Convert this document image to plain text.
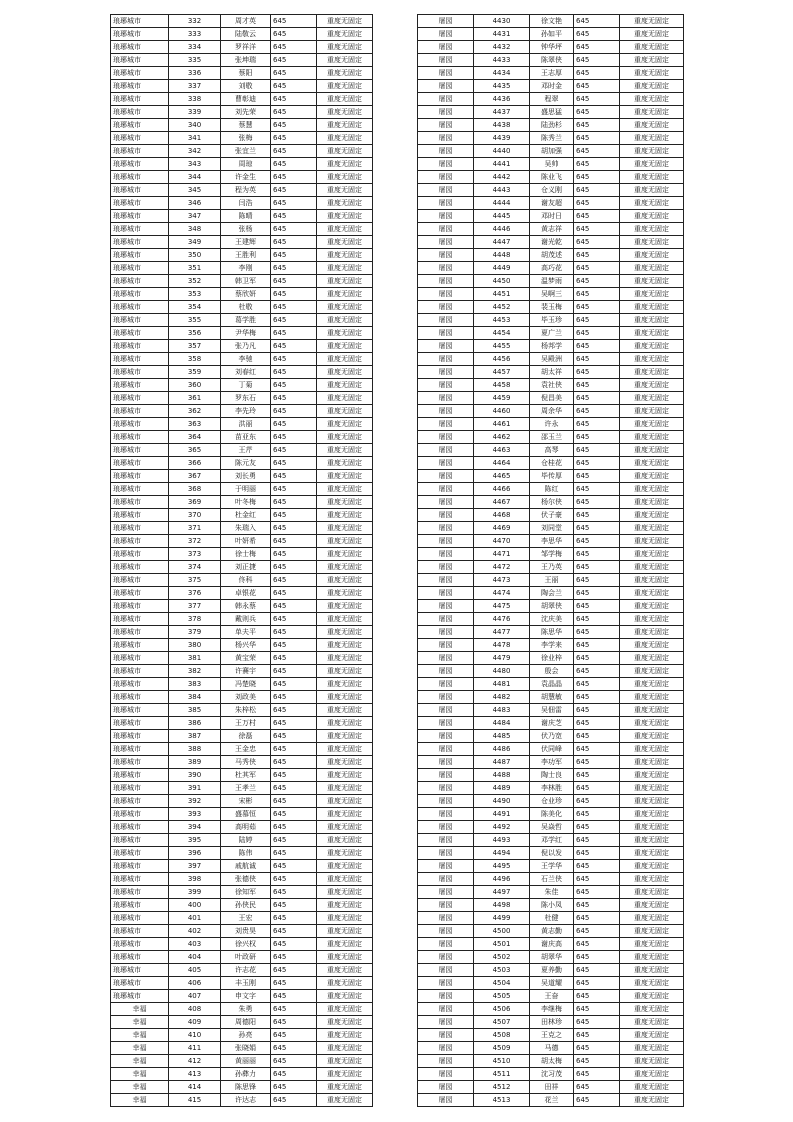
琅琊城市	332	周才英	645	重度无固定
琅琊城市	333	陆敬云	645	重度无固定
琅琊城市	334	罗祥洋	645	重度无固定
琅琊城市	335	张坤瑞	645	重度无固定
琅琊城市	336	蔡阳	645	重度无固定
琅琊城市	337	刘敬	645	重度无固定
琅琊城市	338	曹彰迪	645	重度无固定
琅琊城市	339	刘先荣	645	重度无固定
琅琊城市	340	蔡慧	645	重度无固定
琅琊城市	341	张梅	645	重度无固定
琅琊城市	342	张宜兰	645	重度无固定
琅琊城市	343	周琼	645	重度无固定
琅琊城市	344	许金生	645	重度无固定
琅琊城市	345	程为英	645	重度无固定
琅琊城市	346	闫浩	645	重度无固定
琅琊城市	347	陈晴	645	重度无固定
琅琊城市	348	张杨	645	重度无固定
琅琊城市	349	王建辉	645	重度无固定
琅琊城市	350	王胜利	645	重度无固定
琅琊城市	351	李刚	645	重度无固定
琅琊城市	352	韩卫军	645	重度无固定
琅琊城市	353	蔡欣妍	645	重度无固定
琅琊城市	354	杜敬	645	重度无固定
琅琊城市	355	葛学胜	645	重度无固定
琅琊城市	356	尹华梅	645	重度无固定
琅琊城市	357	张乃凡	645	重度无固定
琅琊城市	358	李驰	645	重度无固定
琅琊城市	359	刘春红	645	重度无固定
琅琊城市	360	丁菊	645	重度无固定
琅琊城市	361	罗东石	645	重度无固定
琅琊城市	362	李先玲	645	重度无固定
琅琊城市	363	洪丽	645	重度无固定
琅琊城市	364	苗亚东	645	重度无固定
琅琊城市	365	王芹	645	重度无固定
琅琊城市	366	陈元友	645	重度无固定
琅琊城市	367	刘长勇	645	重度无固定
琅琊城市	368	于明丽	645	重度无固定
琅琊城市	369	叶冬梅	645	重度无固定
琅琊城市	370	杜金红	645	重度无固定
琅琊城市	371	朱瑞入	645	重度无固定
琅琊城市	372	叶妍希	645	重度无固定
琅琊城市	373	徐士梅	645	重度无固定
琅琊城市	374	刘正捷	645	重度无固定
琅琊城市	375	佟科	645	重度无固定
琅琊城市	376	卓银花	645	重度无固定
琅琊城市	377	韩永蔡	645	重度无固定
琅琊城市	378	戴则兵	645	重度无固定
琅琊城市	379	单夫平	645	重度无固定
琅琊城市	380	杨兴华	645	重度无固定
琅琊城市	381	黄宝荣	645	重度无固定
琅琊城市	382	许賽宇	645	重度无固定
琅琊城市	383	冯楚晓	645	重度无固定
琅琊城市	384	刘政美	645	重度无固定
琅琊城市	385	朱梓松	645	重度无固定
琅琊城市	386	王万村	645	重度无固定
琅琊城市	387	徐磊	645	重度无固定
琅琊城市	388	王金忠	645	重度无固定
琅琊城市	389	马秀侠	645	重度无固定
琅琊城市	390	杜其军	645	重度无固定
琅琊城市	391	王孝兰	645	重度无固定
琅琊城市	392	宋彬	645	重度无固定
琅琊城市	393	盛慕恒	645	重度无固定
琅琊城市	394	高明茹	645	重度无固定
琅琊城市	395	陆婷	645	重度无固定
琅琊城市	396	陈伟	645	重度无固定
琅琊城市	397	戚航诚	645	重度无固定
琅琊城市	398	张德侠	645	重度无固定
琅琊城市	399	徐知军	645	重度无固定
琅琊城市	400	孙侠民	645	重度无固定
琅琊城市	401	王宏	645	重度无固定
琅琊城市	402	刘贵昊	645	重度无固定
琅琊城市	403	徐兴权	645	重度无固定
琅琊城市	404	叶政研	645	重度无固定
琅琊城市	405	许志花	645	重度无固定
琅琊城市	406	丰玉刚	645	重度无固定
琅琊城市	407	申文字	645	重度无固定
幸福	408	朱勇	645	重度无固定
幸福	409	周德阳	645	重度无固定
幸福	410	孙亮	645	重度无固定
幸福	411	张晓娟	645	重度无固定
幸福	412	黄丽丽	645	重度无固定
幸福	413	孙彝力	645	重度无固定
幸福	414	陈思锋	645	重度无固定
幸福	415	许达志	645	重度无固定
屠园	4430	徐文艳	645	重度无固定
屠园	4431	孙如平	645	重度无固定
屠园	4432	钟华坪	645	重度无固定
屠园	4433	陈翠侠	645	重度无固定
屠园	4434	王志厚	645	重度无固定
屠园	4435	邓时金	645	重度无固定
屠园	4436	程翠	645	重度无固定
屠园	4437	盛思猛	645	重度无固定
屠园	4438	陆劲杉	645	重度无固定
屠园	4439	陈秀兰	645	重度无固定
屠园	4440	胡加强	645	重度无固定
屠园	4441	吴帅	645	重度无固定
屠园	4442	陈业飞	645	重度无固定
屠园	4443	仓义刚	645	重度无固定
屠园	4444	谢友超	645	重度无固定
屠园	4445	邓时日	645	重度无固定
屠园	4446	黄志祥	645	重度无固定
屠园	4447	谢光乾	645	重度无固定
屠园	4448	胡茂述	645	重度无固定
屠园	4449	高巧花	645	重度无固定
屠园	4450	温梦雨	645	重度无固定
屠园	4451	吴啊三	645	重度无固定
屠园	4452	裴玉梅	645	重度无固定
屠园	4453	毕玉珍	645	重度无固定
屠园	4454	夏广兰	645	重度无固定
屠园	4455	杨邦学	645	重度无固定
屠园	4456	吴殿洲	645	重度无固定
屠园	4457	胡太祥	645	重度无固定
屠园	4458	袁社侠	645	重度无固定
屠园	4459	倪昌美	645	重度无固定
屠园	4460	周余华	645	重度无固定
屠园	4461	许永	645	重度无固定
屠园	4462	邵玉兰	645	重度无固定
屠园	4463	高琴	645	重度无固定
屠园	4464	仓桂花	645	重度无固定
屠园	4465	毕传厚	645	重度无固定
屠园	4466	陈红	645	重度无固定
屠园	4467	杨尔侠	645	重度无固定
屠园	4468	伏子豪	645	重度无固定
屠园	4469	刘同堂	645	重度无固定
屠园	4470	李思华	645	重度无固定
屠园	4471	邹学梅	645	重度无固定
屠园	4472	王乃英	645	重度无固定
屠园	4473	王丽	645	重度无固定
屠园	4474	陶会兰	645	重度无固定
屠园	4475	胡翠侠	645	重度无固定
屠园	4476	沈庆美	645	重度无固定
屠园	4477	陈思华	645	重度无固定
屠园	4478	李学来	645	重度无固定
屠园	4479	徐业梓	645	重度无固定
屠园	4480	殷会	645	重度无固定
屠园	4481	袁晶晶	645	重度无固定
屠园	4482	胡慧敏	645	重度无固定
屠园	4483	吴佃雷	645	重度无固定
屠园	4484	谢庆芝	645	重度无固定
屠园	4485	伏乃宽	645	重度无固定
屠园	4486	伏同峰	645	重度无固定
屠园	4487	李功军	645	重度无固定
屠园	4488	陶士良	645	重度无固定
屠园	4489	李林胜	645	重度无固定
屠园	4490	仓业珍	645	重度无固定
屠园	4491	陈美化	645	重度无固定
屠园	4492	吴焱哲	645	重度无固定
屠园	4493	邓学红	645	重度无固定
屠园	4494	倪以发	645	重度无固定
屠园	4495	王学华	645	重度无固定
屠园	4496	石兰侠	645	重度无固定
屠园	4497	朱佳	645	重度无固定
屠园	4498	陈小凤	645	重度无固定
屠园	4499	杜健	645	重度无固定
屠园	4500	黄志勤	645	重度无固定
屠园	4501	谢庆高	645	重度无固定
屠园	4502	胡翠华	645	重度无固定
屠园	4503	夏养勤	645	重度无固定
屠园	4504	吴道耀	645	重度无固定
屠园	4505	王奋	645	重度无固定
屠园	4506	李继梅	645	重度无固定
屠园	4507	田林珍	645	重度无固定
屠园	4508	王克之	645	重度无固定
屠园	4509	马德	645	重度无固定
屠园	4510	胡太梅	645	重度无固定
屠园	4511	沈习茂	645	重度无固定
屠园	4512	田祥	645	重度无固定
屠园	4513	花兰	645	重度无固定
